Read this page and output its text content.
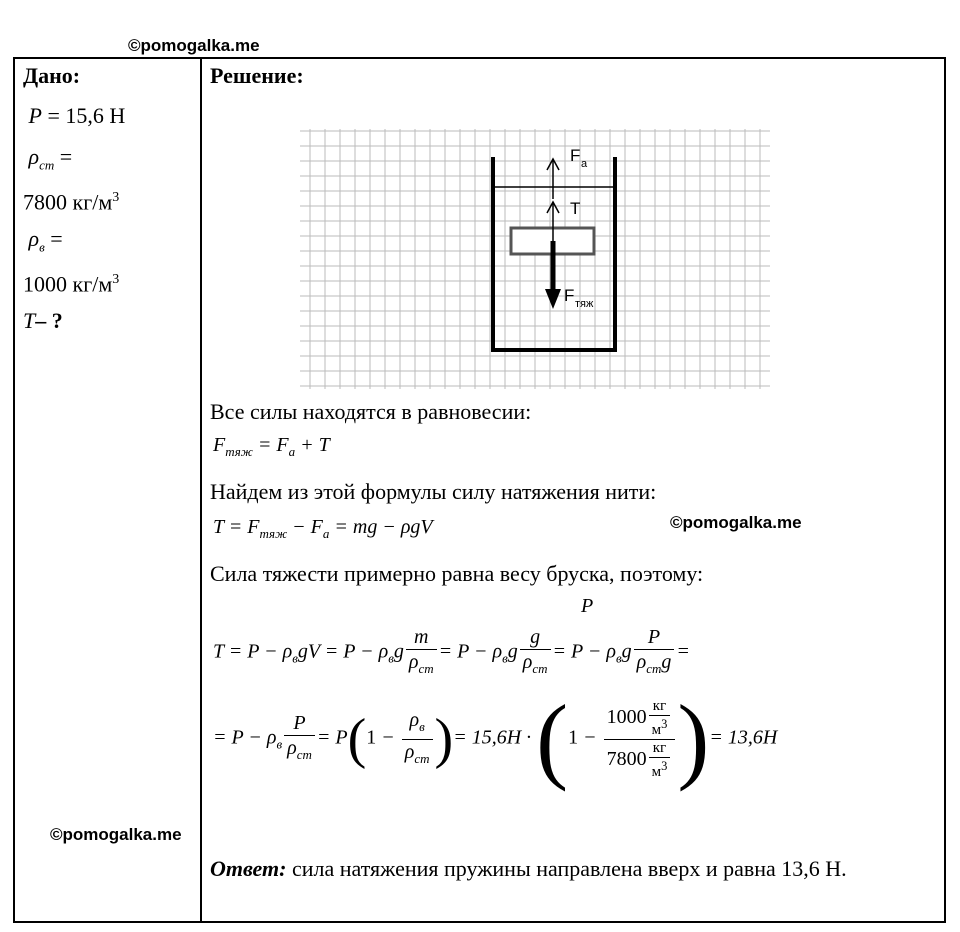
©pomogalka.me
©pomogalka.me
©pomogalka.me
Дано:
P = 15,6 Н
$\rho_{ст}$ =
7800 $кг/м^3$
$\rho_в$ =
1000 $кг/м^3$
T– ?
Решение:
F а
T
F тяж
Все силы находятся в равновесии:
$F_{тяж} = F_а + T$
Найдем из этой формулы силу натяжения нити:
$T = F_{тяж} - F_а$ = mg − ρgV
Сила тяжести примерно равна весу бруска, поэтому:
P
$T = P - \rho_вgV = P - \rho_вg \frac{m}{\rho_{ст}} = P - \rho_вg \frac{g}{\rho_{ст}} = P - \rho_вg \frac{P}{\rho_{ст}g}$ =
= $P - \rho_в \frac{P}{\rho_{ст}} = P(1 - \frac{\rho_в}{\rho_{ст}}$ )= $15,6H \cdot (1 - \frac{1000 \frac{кг}{м^3}}{7800 \frac{кг}{м^3}}$ )= 13,6H
Ответ: сила натяжения пружины направлена вверх и равна 13,6 Н.
